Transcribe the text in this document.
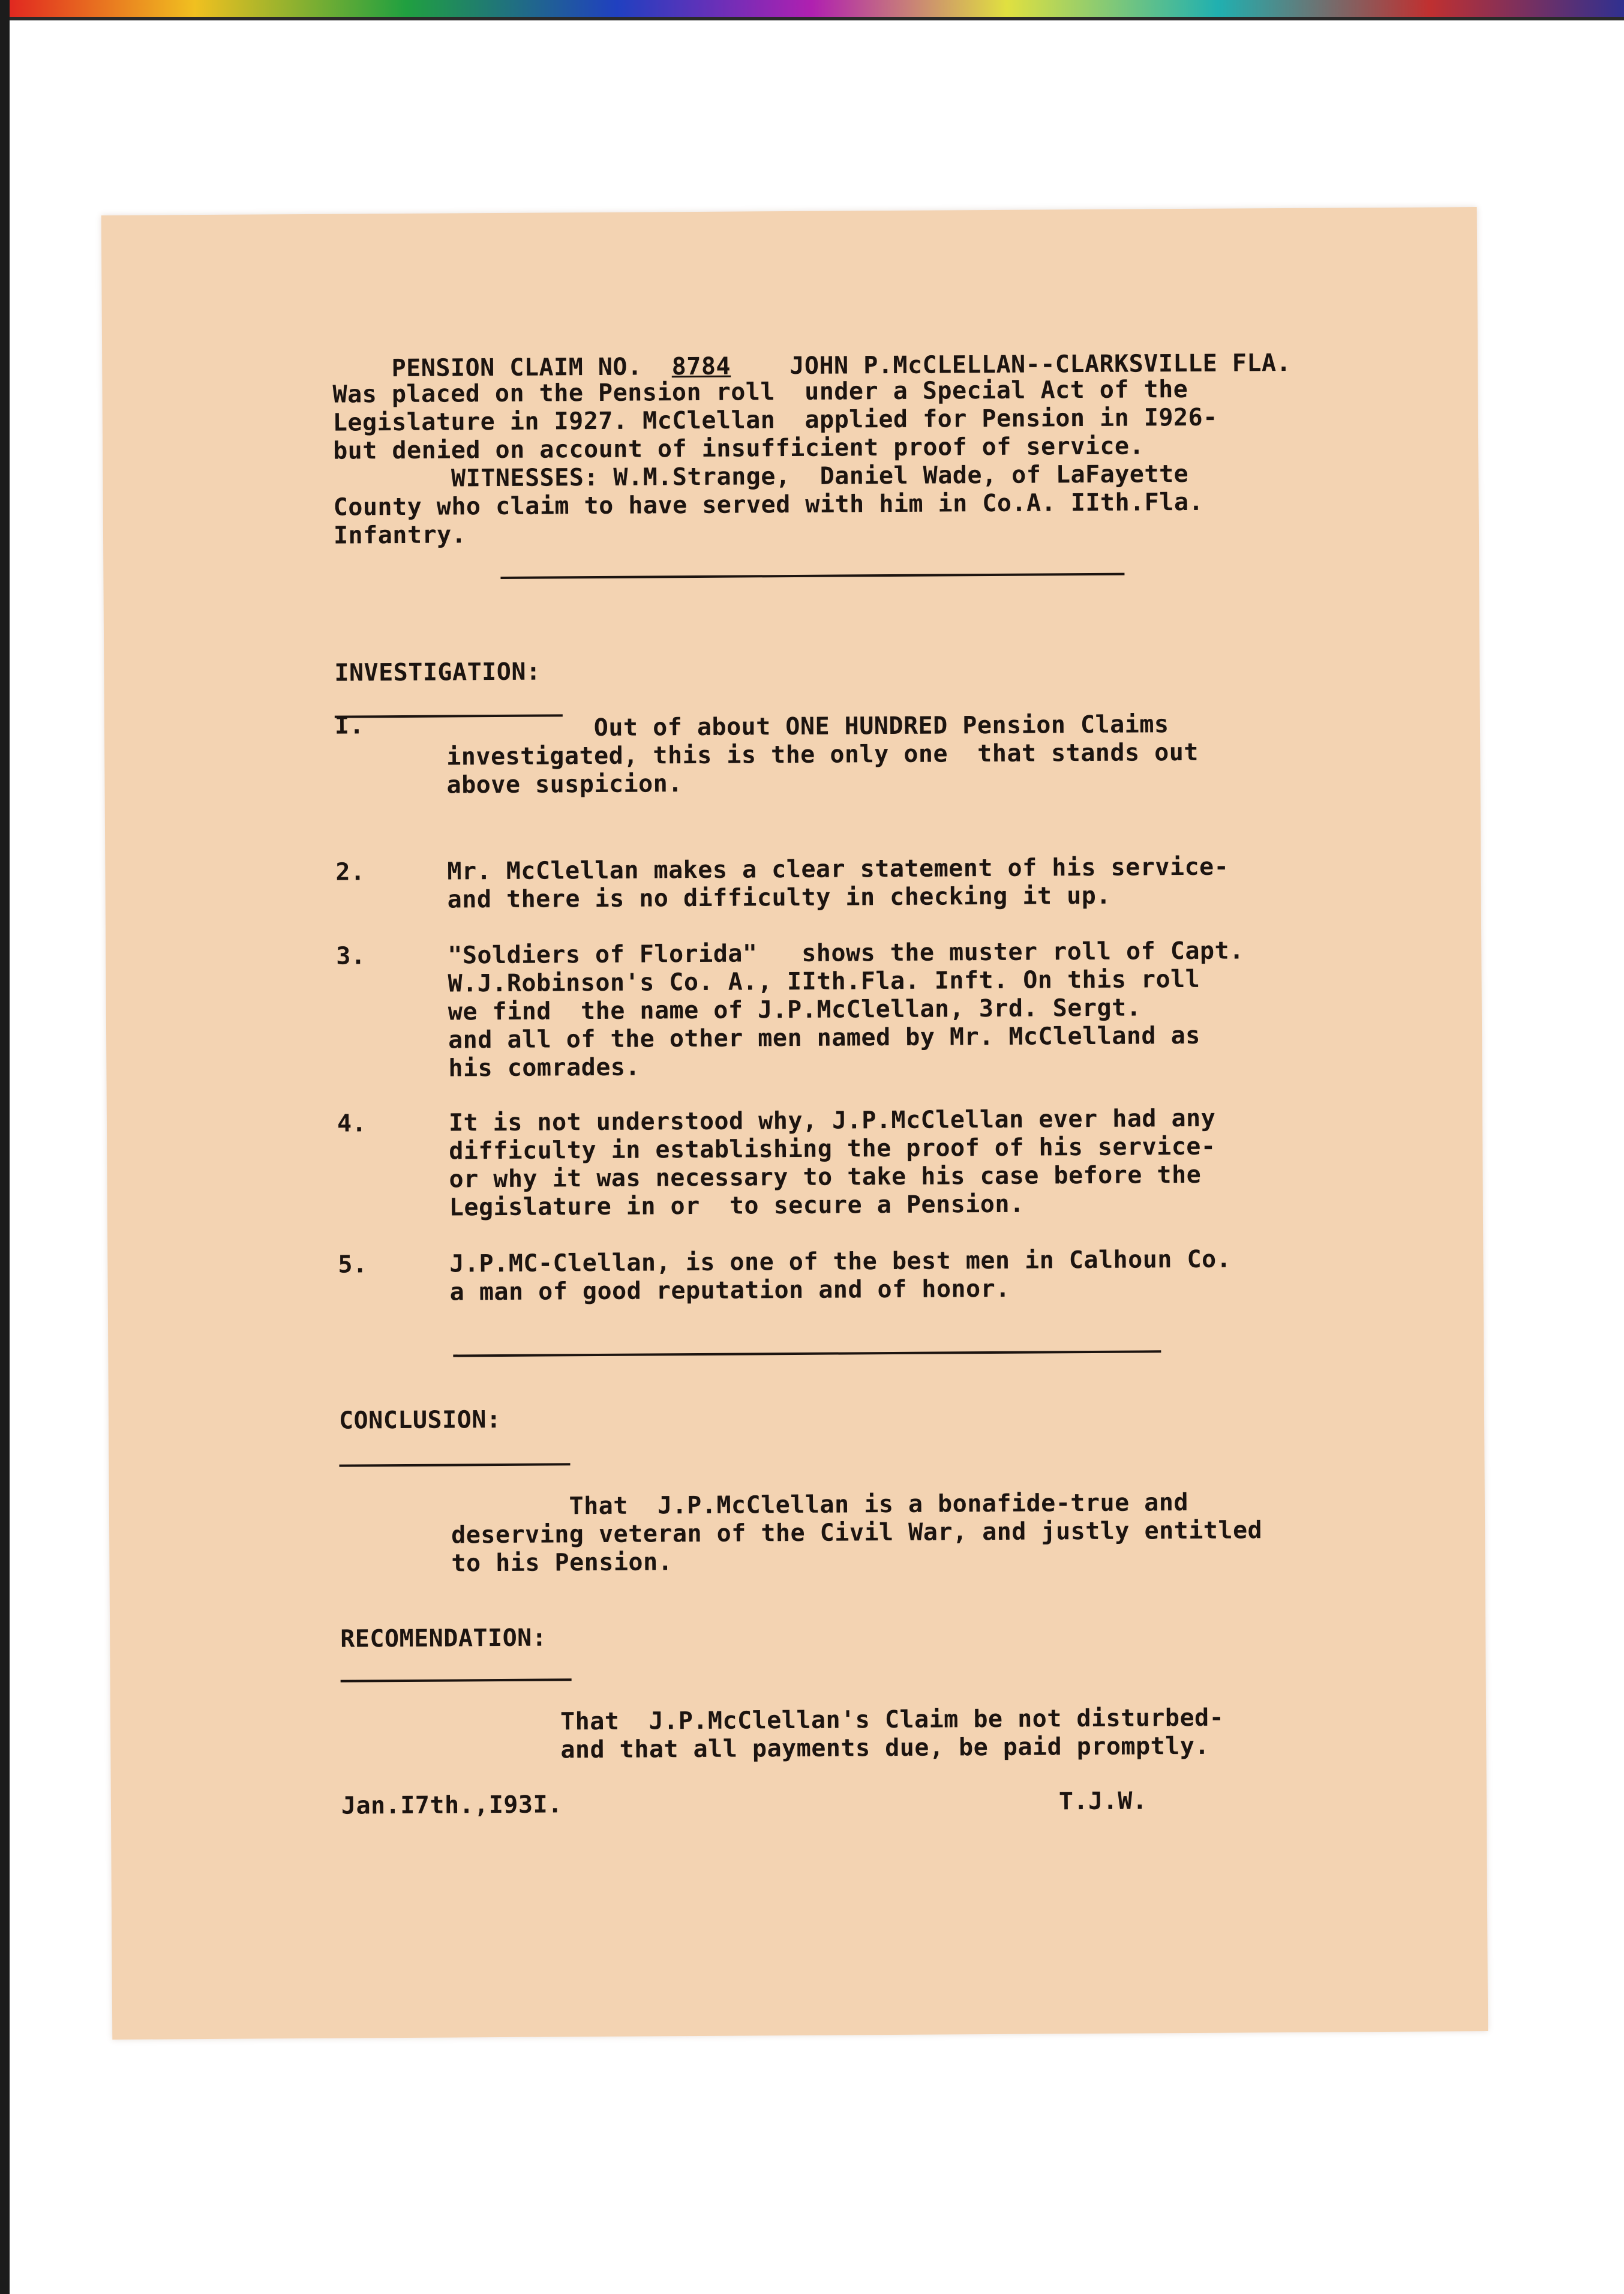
PENSION CLAIM NO. 8784 JOHN P.McCLELLAN--CLARKSVILLE FLA.

Was placed on the Pension roll  under a Special Act of the
Legislature in I927. McClellan  applied for Pension in I926-
but denied on account of insufficient proof of service.
WITNESSES: W.M.Strange,  Daniel Wade, of LaFayette
County who claim to have served with him in Co.A. IIth.Fla.
Infantry.
INVESTIGATION:
I.	Out of about ONE HUNDRED Pension Claims
investigated, this is the only one  that stands out
above suspicion.
2.	Mr. McClellan makes a clear statement of his service-
and there is no difficulty in checking it up.
3.	"Soldiers of Florida"   shows the muster roll of Capt.
W.J.Robinson's Co. A., IIth.Fla. Inft. On this roll
we find  the name of J.P.McClellan, 3rd. Sergt.
and all of the other men named by Mr. McClelland as
his comrades.
4.	It is not understood why, J.P.McClellan ever had any
difficulty in establishing the proof of his service-
or why it was necessary to take his case before the
Legislature in or  to secure a Pension.
5.	J.P.MC-Clellan, is one of the best men in Calhoun Co.
a man of good reputation and of honor.
CONCLUSION:
That  J.P.McClellan is a bonafide-true and
deserving veteran of the Civil War, and justly entitled
to his Pension.
RECOMENDATION:
That  J.P.McClellan's Claim be not disturbed-
and that all payments due, be paid promptly.
Jan.I7th.,I93I.	T.J.W.
